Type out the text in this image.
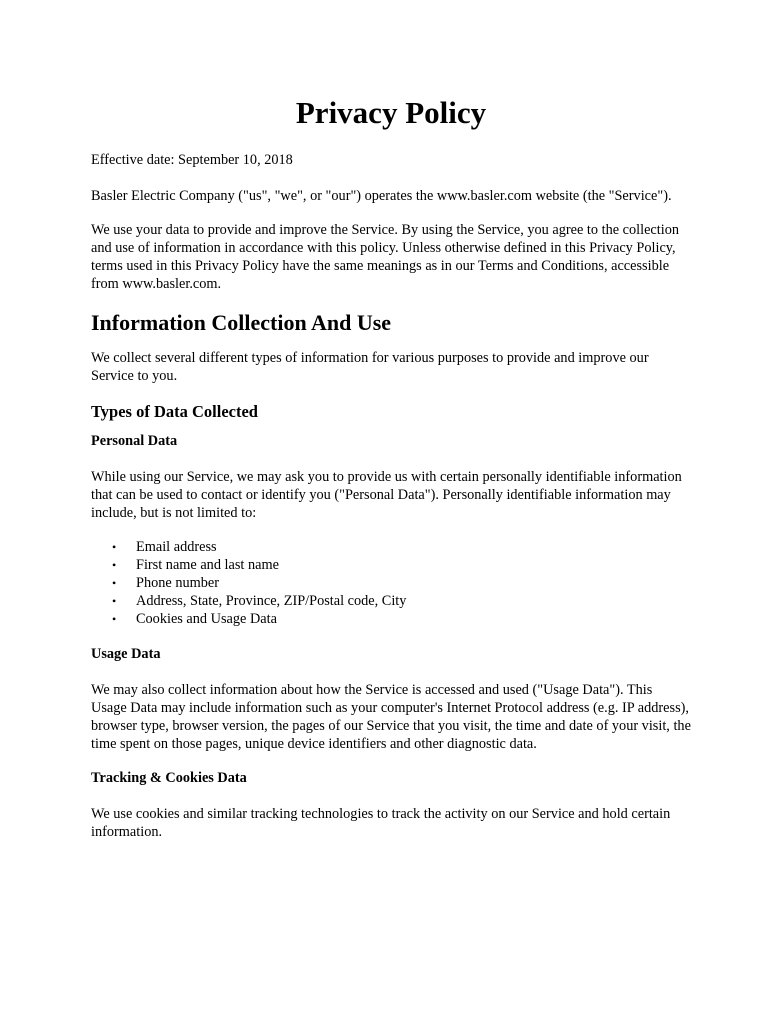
Privacy Policy

Effective date: September 10, 2018

Basler Electric Company ("us", "we", or "our") operates the www.basler.com website (the "Service").

We use your data to provide and improve the Service. By using the Service, you agree to the collection and use of information in accordance with this policy. Unless otherwise defined in this Privacy Policy, terms used in this Privacy Policy have the same meanings as in our Terms and Conditions, accessible from www.basler.com.

Information Collection And Use

We collect several different types of information for various purposes to provide and improve our Service to you.

Types of Data Collected
Personal Data

While using our Service, we may ask you to provide us with certain personally identifiable information that can be used to contact or identify you ("Personal Data"). Personally identifiable information may include, but is not limited to:

• Email address
• First name and last name
• Phone number
• Address, State, Province, ZIP/Postal code, City
• Cookies and Usage Data
Usage Data

We may also collect information about how the Service is accessed and used ("Usage Data"). This Usage Data may include information such as your computer's Internet Protocol address (e.g. IP address), browser type, browser version, the pages of our Service that you visit, the time and date of your visit, the time spent on those pages, unique device identifiers and other diagnostic data.

Tracking & Cookies Data

We use cookies and similar tracking technologies to track the activity on our Service and hold certain information.
